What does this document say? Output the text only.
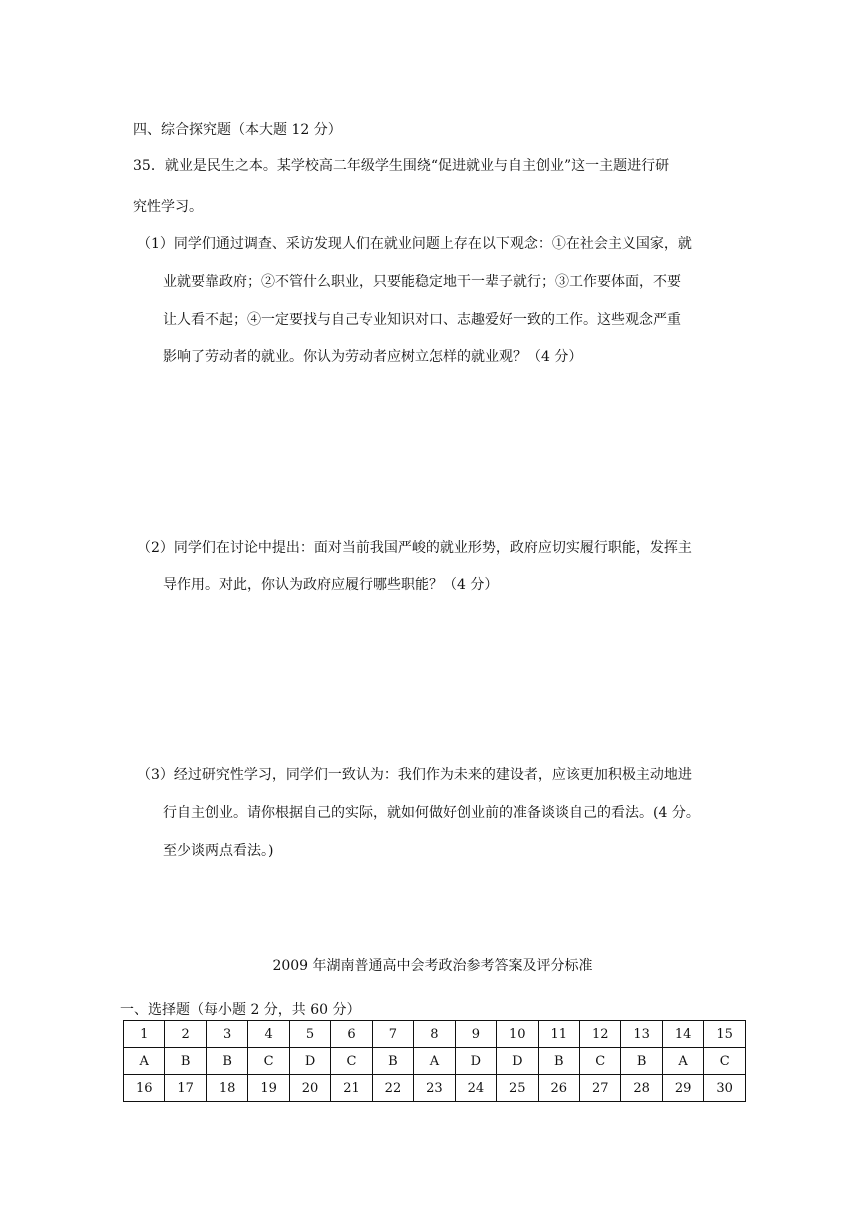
四、综合探究题（本大题 12 分）
35．就业是民生之本。某学校高二年级学生围绕“促进就业与自主创业”这一主题进行研
究性学习。
（1）同学们通过调查、采访发现人们在就业问题上存在以下观念：①在社会主义国家，就
业就要靠政府；②不管什么职业，只要能稳定地干一辈子就行；③工作要体面，不要
让人看不起；④一定要找与自己专业知识对口、志趣爱好一致的工作。这些观念严重
影响了劳动者的就业。你认为劳动者应树立怎样的就业观？（4 分）
（2）同学们在讨论中提出：面对当前我国严峻的就业形势，政府应切实履行职能，发挥主
导作用。对此，你认为政府应履行哪些职能？（4 分）
（3）经过研究性学习，同学们一致认为：我们作为未来的建设者，应该更加积极主动地进
行自主创业。请你根据自己的实际，就如何做好创业前的准备谈谈自己的看法。(4 分。
至少谈两点看法。)
2009 年湖南普通高中会考政治参考答案及评分标准
一、选择题（每小题 2 分，共 60 分）
1	2	3	4	5	6	7	8	9	10	11	12	13	14	15
A	B	B	C	D	C	B	A	D	D	B	C	B	A	C
16	17	18	19	20	21	22	23	24	25	26	27	28	29	30
